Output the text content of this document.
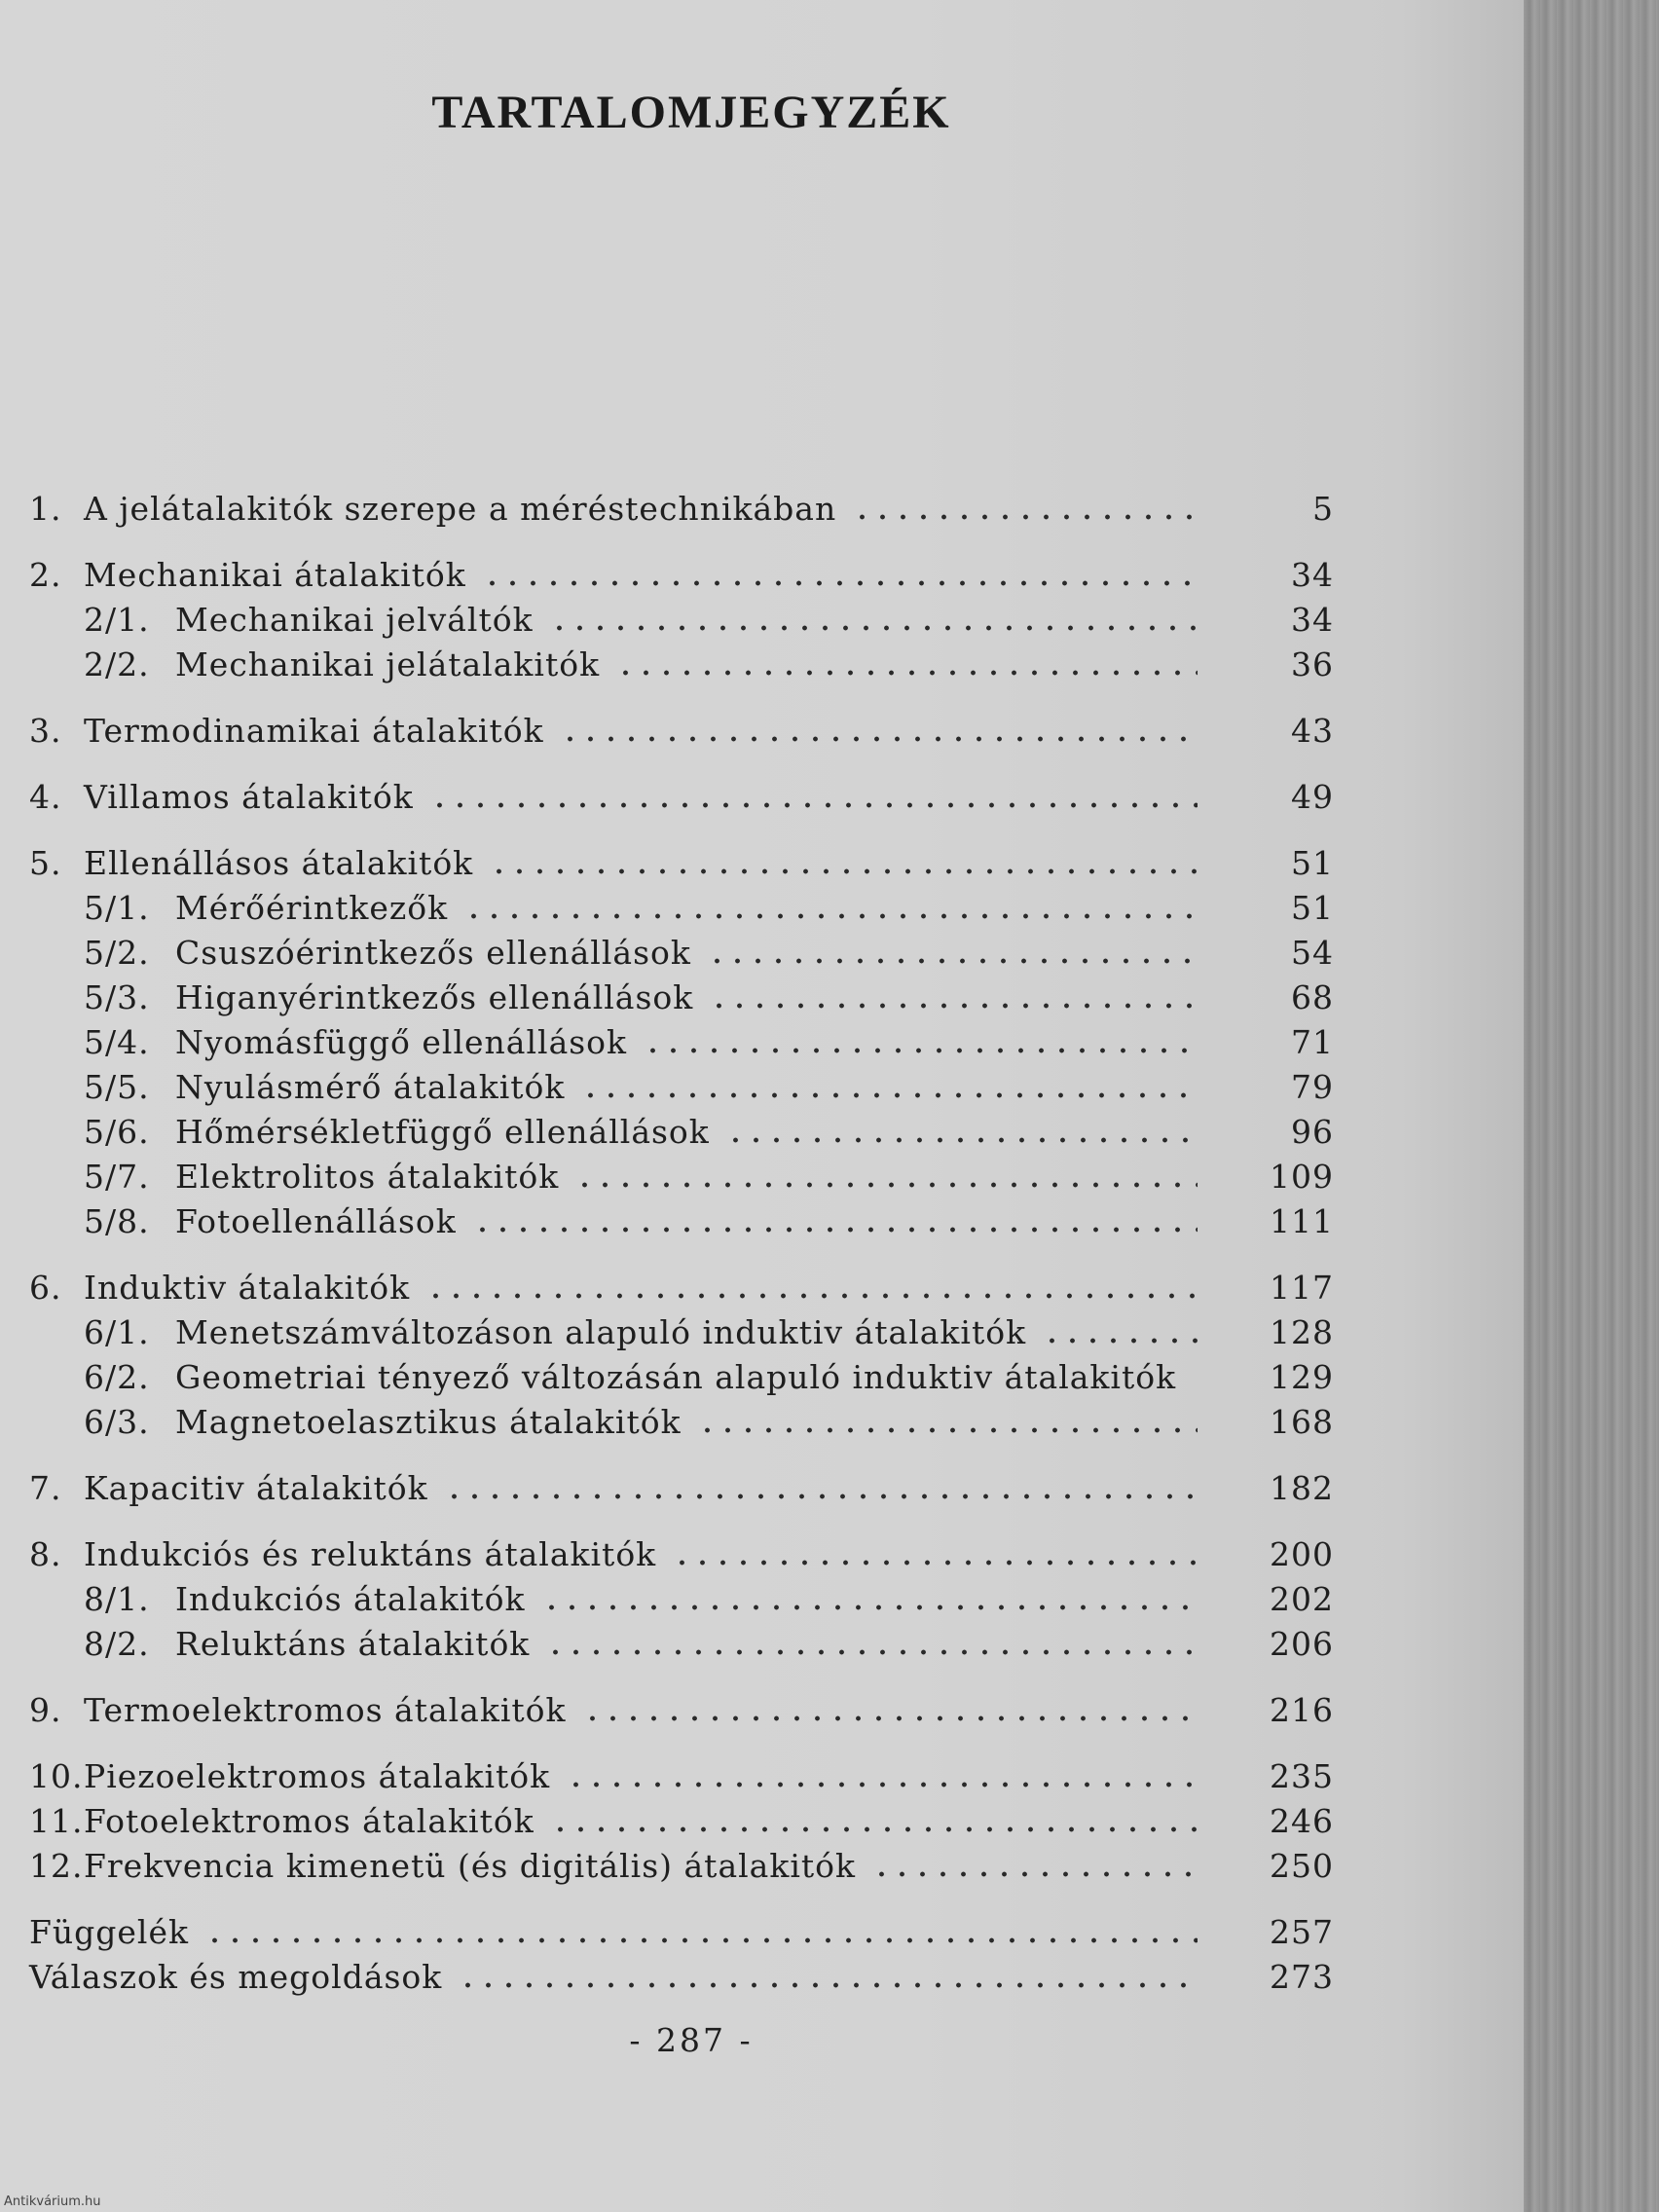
TARTALOMJEGYZÉK
1. A jelátalakitók szerepe a méréstechnikában	5
2. Mechanikai átalakitók	34
2/1. Mechanikai jelváltók	34
2/2. Mechanikai jelátalakitók	36
3. Termodinamikai átalakitók	43
4. Villamos átalakitók	49
5. Ellenállásos átalakitók	51
5/1. Mérőérintkezők	51
5/2. Csuszóérintkezős ellenállások	54
5/3. Higanyérintkezős ellenállások	68
5/4. Nyomásfüggő ellenállások	71
5/5. Nyulásmérő átalakitók	79
5/6. Hőmérsékletfüggő ellenállások	96
5/7. Elektrolitos átalakitók	109
5/8. Fotoellenállások	111
6. Induktiv átalakitók	117
6/1. Menetszámváltozáson alapuló induktiv átalakitók	128
6/2. Geometriai tényező változásán alapuló induktiv átalakitók	129
6/3. Magnetoelasztikus átalakitók	168
7. Kapacitiv átalakitók	182
8. Indukciós és reluktáns átalakitók	200
8/1. Indukciós átalakitók	202
8/2. Reluktáns átalakitók	206
9. Termoelektromos átalakitók	216
10. Piezoelektromos átalakitók	235
11. Fotoelektromos átalakitók	246
12. Frekvencia kimenetü (és digitális) átalakitók	250
Függelék	257
Válaszok és megoldások	273
- 287 -
Antikvárium.hu
